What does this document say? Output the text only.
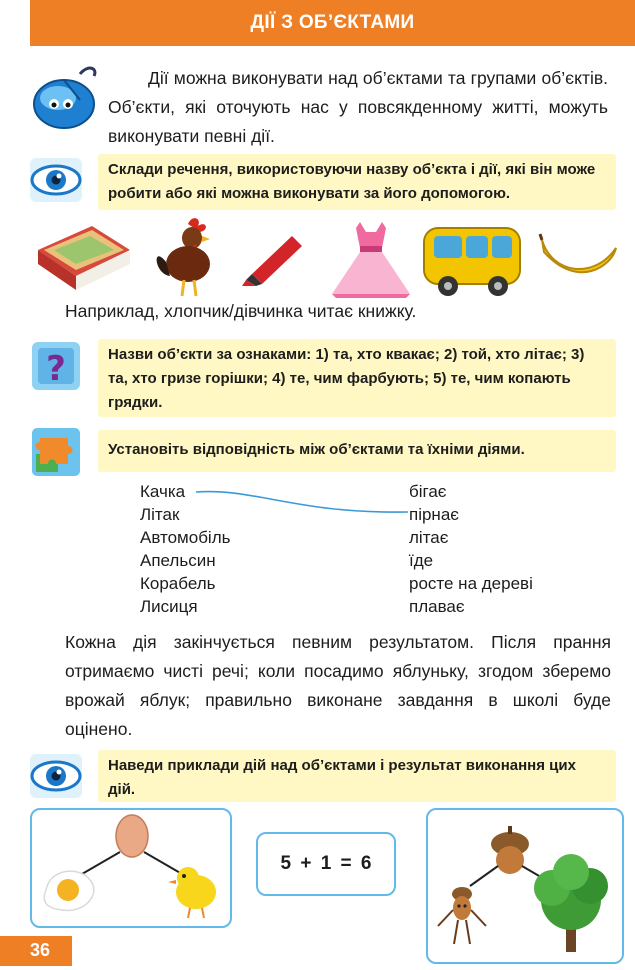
ДІЇ З ОБ’ЄКТАМИ
Дії можна виконувати над об’єктами та групами об’єктів. Об’єкти, які оточують нас у повсякденному житті, можуть виконувати певні дії.
Склади речення, використовуючи назву об’єкта і дії, які він може робити або які можна виконувати за його допомогою.
Наприклад, хлопчик/дівчинка читає книжку.
?	Назви об’єкти за ознаками: 1) та, хто квакає; 2) той, хто літає; 3) та, хто гризе горішки; 4) те, чим фарбують; 5) те, чим копають грядки.
Установіть відповідність між об’єктами та їхніми діями.
Качка
Літак
Автомобіль
Апельсин
Корабель
Лисиця
бігає
пірнає
літає
їде
росте на дереві
плаває
Кожна дія закінчується певним результатом. Після прання отримаємо чисті речі; коли посадимо яблуньку, згодом зберемо врожай яблук; правильно виконане завдання в школі буде оцінено.
Наведи приклади дій над об’єктами і результат виконання цих дій.
5 + 1 = 6
36
